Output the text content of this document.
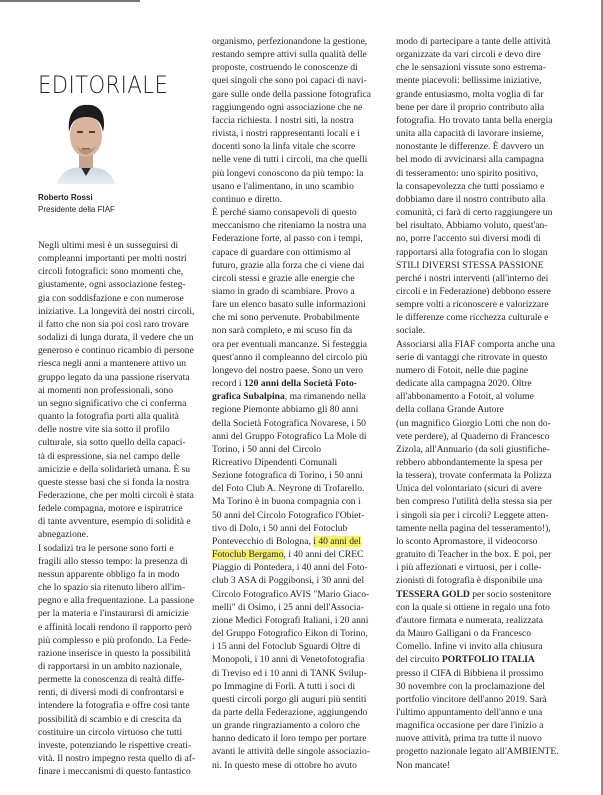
EDITORIALE
Roberto Rossi
Presidente della FIAF
Negli ultimi mesi è un susseguirsi di
compleanni importanti per molti nostri
circoli fotografici: sono momenti che,
giustamente, ogni associazione festeg-
gia con soddisfazione e con numerose
iniziative. La longevità dei nostri circoli,
il fatto che non sia poi così raro trovare
sodalizi di lunga durata, il vedere che un
generoso e continuo ricambio di persone
riesca negli anni a mantenere attivo un
gruppo legato da una passione riservata
ai momenti non professionali, sono
un segno significativo che ci conferma
quanto la fotografia porti alla qualità
delle nostre vite sia sotto il profilo
culturale, sia sotto quello della capaci-
tà di espressione, sia nel campo delle
amicizie e della solidarietà umana. È su
queste stesse basi che si fonda la nostra
Federazione, che per molti circoli è stata
fedele compagna, motore e ispiratrice
di tante avventure, esempio di solidità e
abnegazione.
I sodalizi tra le persone sono forti e
fragili allo stesso tempo: la presenza di
nessun apparente obbligo fa in modo
che lo spazio sia ritenuto libero all'im-
pegno e alla frequentazione. La passione
per la materia e l'instaurarsi di amicizie
e affinità locali rendono il rapporto però
più complesso e più profondo. La Fede-
razione inserisce in questo la possibilità
di rapportarsi in un ambito nazionale,
permette la conoscenza di realtà diffe-
renti, di diversi modi di confrontarsi e
intendere la fotografia e offre così tante
possibilità di scambio e di crescita da
costituire un circolo virtuoso che tutti
investe, potenziando le rispettive creati-
vità. Il nostro impegno resta quello di af-
finare i meccanismi di questo fantastico
organismo, perfezionandone la gestione,
restando sempre attivi sulla qualità delle
proposte, costruendo le conoscenze di
quei singoli che sono poi capaci di navi-
gare sulle onde della passione fotografica
raggiungendo ogni associazione che ne
faccia richiesta. I nostri siti, la nostra
rivista, i nostri rappresentanti locali e i
docenti sono la linfa vitale che scorre
nelle vene di tutti i circoli, ma che quelli
più longevi conoscono da più tempo: la
usano e l'alimentano, in uno scambio
continuo e diretto.
È perché siamo consapevoli di questo
meccanismo che riteniamo la nostra una
Federazione forte, al passo con i tempi,
capace di guardare con ottimismo al
futuro, grazie alla forza che ci viene dai
circoli stessi e grazie alle energie che
siamo in grado di scambiare. Provo a
fare un elenco basato sulle informazioni
che mi sono pervenute. Probabilmente
non sarà completo, e mi scuso fin da
ora per eventuali mancanze. Si festeggia
quest'anno il compleanno del circolo più
longevo del nostro paese. Sono un vero
record i 120 anni della Società Foto-
grafica Subalpina, ma rimanendo nella
regione Piemonte abbiamo gli 80 anni
della Società Fotografica Novarese, i 50
anni del Gruppo Fotografico La Mole di
Torino, i 50 anni del Circolo
Ricreativo Dipendenti Comunali
Sezione fotografica di Torino, i 50 anni
del Foto Club A. Neyrone di Trofarello.
Ma Torino è in buona compagnia con i
50 anni del Circolo Fotografico l'Obiet-
tivo di Dolo, i 50 anni del Fotoclub
Pontevecchio di Bologna, i 40 anni del
Fotoclub Bergamo, i 40 anni del CREC
Piaggio di Pontedera, i 40 anni del Foto-
club 3 ASA di Poggibonsi, i 30 anni del
Circolo Fotografico AVIS "Mario Giaco-
melli" di Osimo, i 25 anni dell'Associa-
zione Medici Fotografi Italiani, i 20 anni
del Gruppo Fotografico Eikon di Torino,
i 15 anni del Fotoclub Sguardi Oltre di
Monopoli, i 10 anni di Venetofotografia
di Treviso ed i 10 anni di TANK Svilup-
po Immagine di Forlì. A tutti i soci di
questi circoli porgo gli auguri più sentiti
da parte della Federazione, aggiungendo
un grande ringraziamento a coloro che
hanno dedicato il loro tempo per portare
avanti le attività delle singole associazio-
ni. In questo mese di ottobre ho avuto
modo di partecipare a tante delle attività
organizzate da vari circoli e devo dire
che le sensazioni vissute sono estrema-
mente piacevoli: bellissime iniziative,
grande entusiasmo, molta voglia di far
bene per dare il proprio contributo alla
fotografia. Ho trovato tanta bella energia
unita alla capacità di lavorare insieme,
nonostante le differenze. È davvero un
bel modo di avvicinarsi alla campagna
di tesseramento: uno spirito positivo,
la consapevolezza che tutti possiamo e
dobbiamo dare il nostro contributo alla
comunità, ci farà di certo raggiungere un
bel risultato. Abbiamo voluto, quest'an-
no, porre l'accento sui diversi modi di
rapportarsi alla fotografia con lo slogan
STILI DIVERSI STESSA PASSIONE
perché i nostri interventi (all'interno dei
circoli e in Federazione) debbono essere
sempre volti a riconoscere e valorizzare
le differenze come ricchezza culturale e
sociale.
Associarsi alla FIAF comporta anche una
serie di vantaggi che ritrovate in questo
numero di Fotoit, nelle due pagine
dedicate alla campagna 2020. Oltre
all'abbonamento a Fotoit, al volume
della collana Grande Autore
(un magnifico Giorgio Lotti che non do-
vete perdere), al Quaderno di Francesco
Zizola, all'Annuario (da soli giustifiche-
rebbero abbondantemente la spesa per
la tessera), trovate confermata la Polizza
Unica del volontariato (sicuri di avere
ben compreso l'utilità della stessa sia per
i singoli sia per i circoli? Leggete atten-
tamente nella pagina del tesseramento!),
lo sconto Apromastore, il videocorso
gratuito di Teacher in the box. E poi, per
i più affezionati e virtuosi, per i colle-
zionisti di fotografia è disponibile una
TESSERA GOLD per socio sostenitore
con la quale si ottiene in regalo una foto
d'autore firmata e numerata, realizzata
da Mauro Galligani o da Francesco
Comello. Infine vi invito alla chiusura
del circuito PORTFOLIO ITALIA
presso il CIFA di Bibbiena il prossimo
30 novembre con la proclamazione del
portfolio vincitore dell'anno 2019. Sarà
l'ultimo appuntamento dell'anno e una
magnifica occasione per dare l'inizio a
nuove attività, prima tra tutte il nuovo
progetto nazionale legato all'AMBIENTE.
Non mancate!
